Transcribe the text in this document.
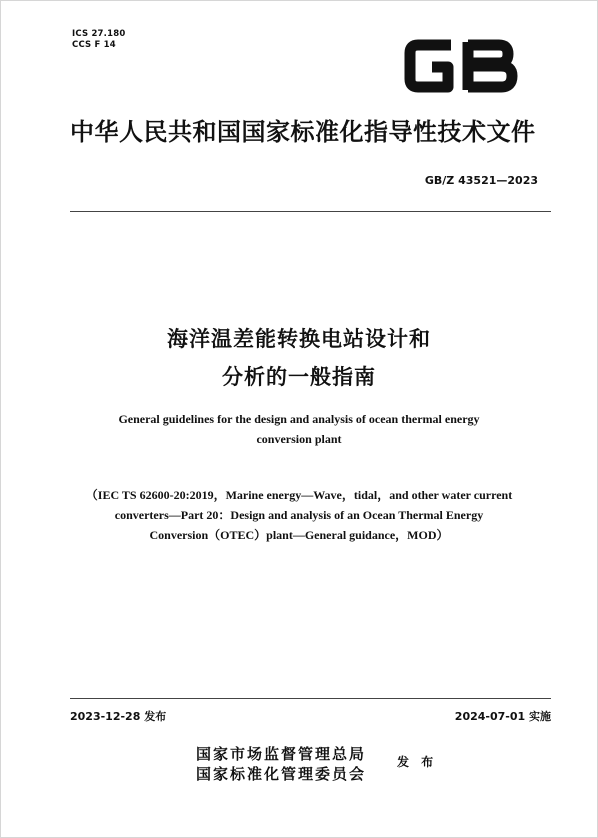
ICS 27.180
CCS F 14
中华人民共和国国家标准化指导性技术文件
GB/Z 43521—2023
海洋温差能转换电站设计和
分析的一般指南
General guidelines for the design and analysis of ocean thermal energy
conversion plant
（IEC TS 62600-20:2019，Marine energy—Wave，tidal，and other water current
converters—Part 20：Design and analysis of an Ocean Thermal Energy
Conversion（OTEC）plant—General guidance，MOD）
2023-12-28 发布	2024-07-01 实施
国家市场监督管理总局
国家标准化管理委员会
发 布
